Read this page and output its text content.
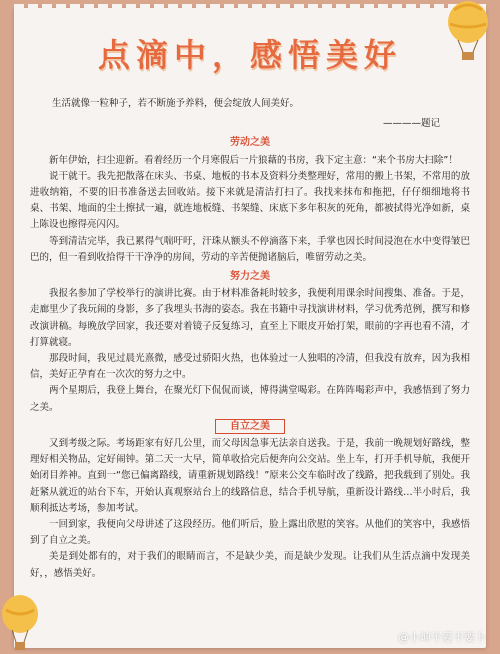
点滴中，感悟美好

生活就像一粒种子，若不断施予养料，便会绽放人间美好。

————题记
劳动之美

新年伊始，扫尘迎新。看着经历一个月寒假后一片狼藉的书房，我下定主意：“来个书房大扫除”！

说干就干。我先把散落在床头、书桌、地板的书本及资料分类整理好，常用的搬上书架，不常用的放进收纳箱，不要的旧书准备送去回收站。接下来就是清洁打扫了。我找来抹布和拖把，仔仔细细地将书桌、书架、地面的尘土擦拭一遍，就连地板缝、书架缝、床底下多年积灰的死角，都被拭得光净如新，桌上陈设也擦得亮闪闪。

等到清洁完毕，我已累得气喘吁吁，汗珠从额头不停滴落下来，手掌也因长时间浸泡在水中变得皱巴巴的，但一看到收拾得干干净净的房间，劳动的辛苦便抛诸脑后，唯留劳动之美。

努力之美

我报名参加了学校举行的演讲比赛。由于材料准备耗时较多，我便利用课余时间搜集、准备。于是，走廊里少了我玩闹的身影，多了我埋头书海的姿态。我在书籍中寻找演讲材料，学习优秀范例，撰写和修改演讲稿。每晚放学回家，我还要对着镜子反复练习，直至上下眼皮开始打架，眼前的字再也看不清，才打算就寝。

那段时间，我见过晨光熹微，感受过骄阳火热，也体验过一人独唱的冷清，但我没有放弃，因为我相信，美好正孕育在一次次的努力之中。

两个星期后，我登上舞台，在聚光灯下侃侃而谈，博得满堂喝彩。在阵阵喝彩声中，我感悟到了努力之美。

自立之美

又到考级之际。考场距家有好几公里，而父母因急事无法亲自送我。于是，我前一晚规划好路线，整理好相关物品，定好闹钟。第二天一大早，简单收拾完后便奔向公交站。坐上车，打开手机导航，我便开始闭目养神。直到一“您已偏离路线，请重新规划路线！”原来公交车临时改了线路，把我载到了别处。我赶紧从就近的站台下车，开始认真观察站台上的线路信息，结合手机导航，重新设计路线…半小时后，我顺利抵达考场，参加考试。

一回到家，我便向父母讲述了这段经历。他们听后，脸上露出欣慰的笑容。从他们的笑容中，我感悟到了自立之美。

美是到处都有的，对于我们的眼睛而言，不是缺少美，而是缺少发现。让我们从生活点滴中发现美好，，感悟美好。

@小坤不爱不要卜
